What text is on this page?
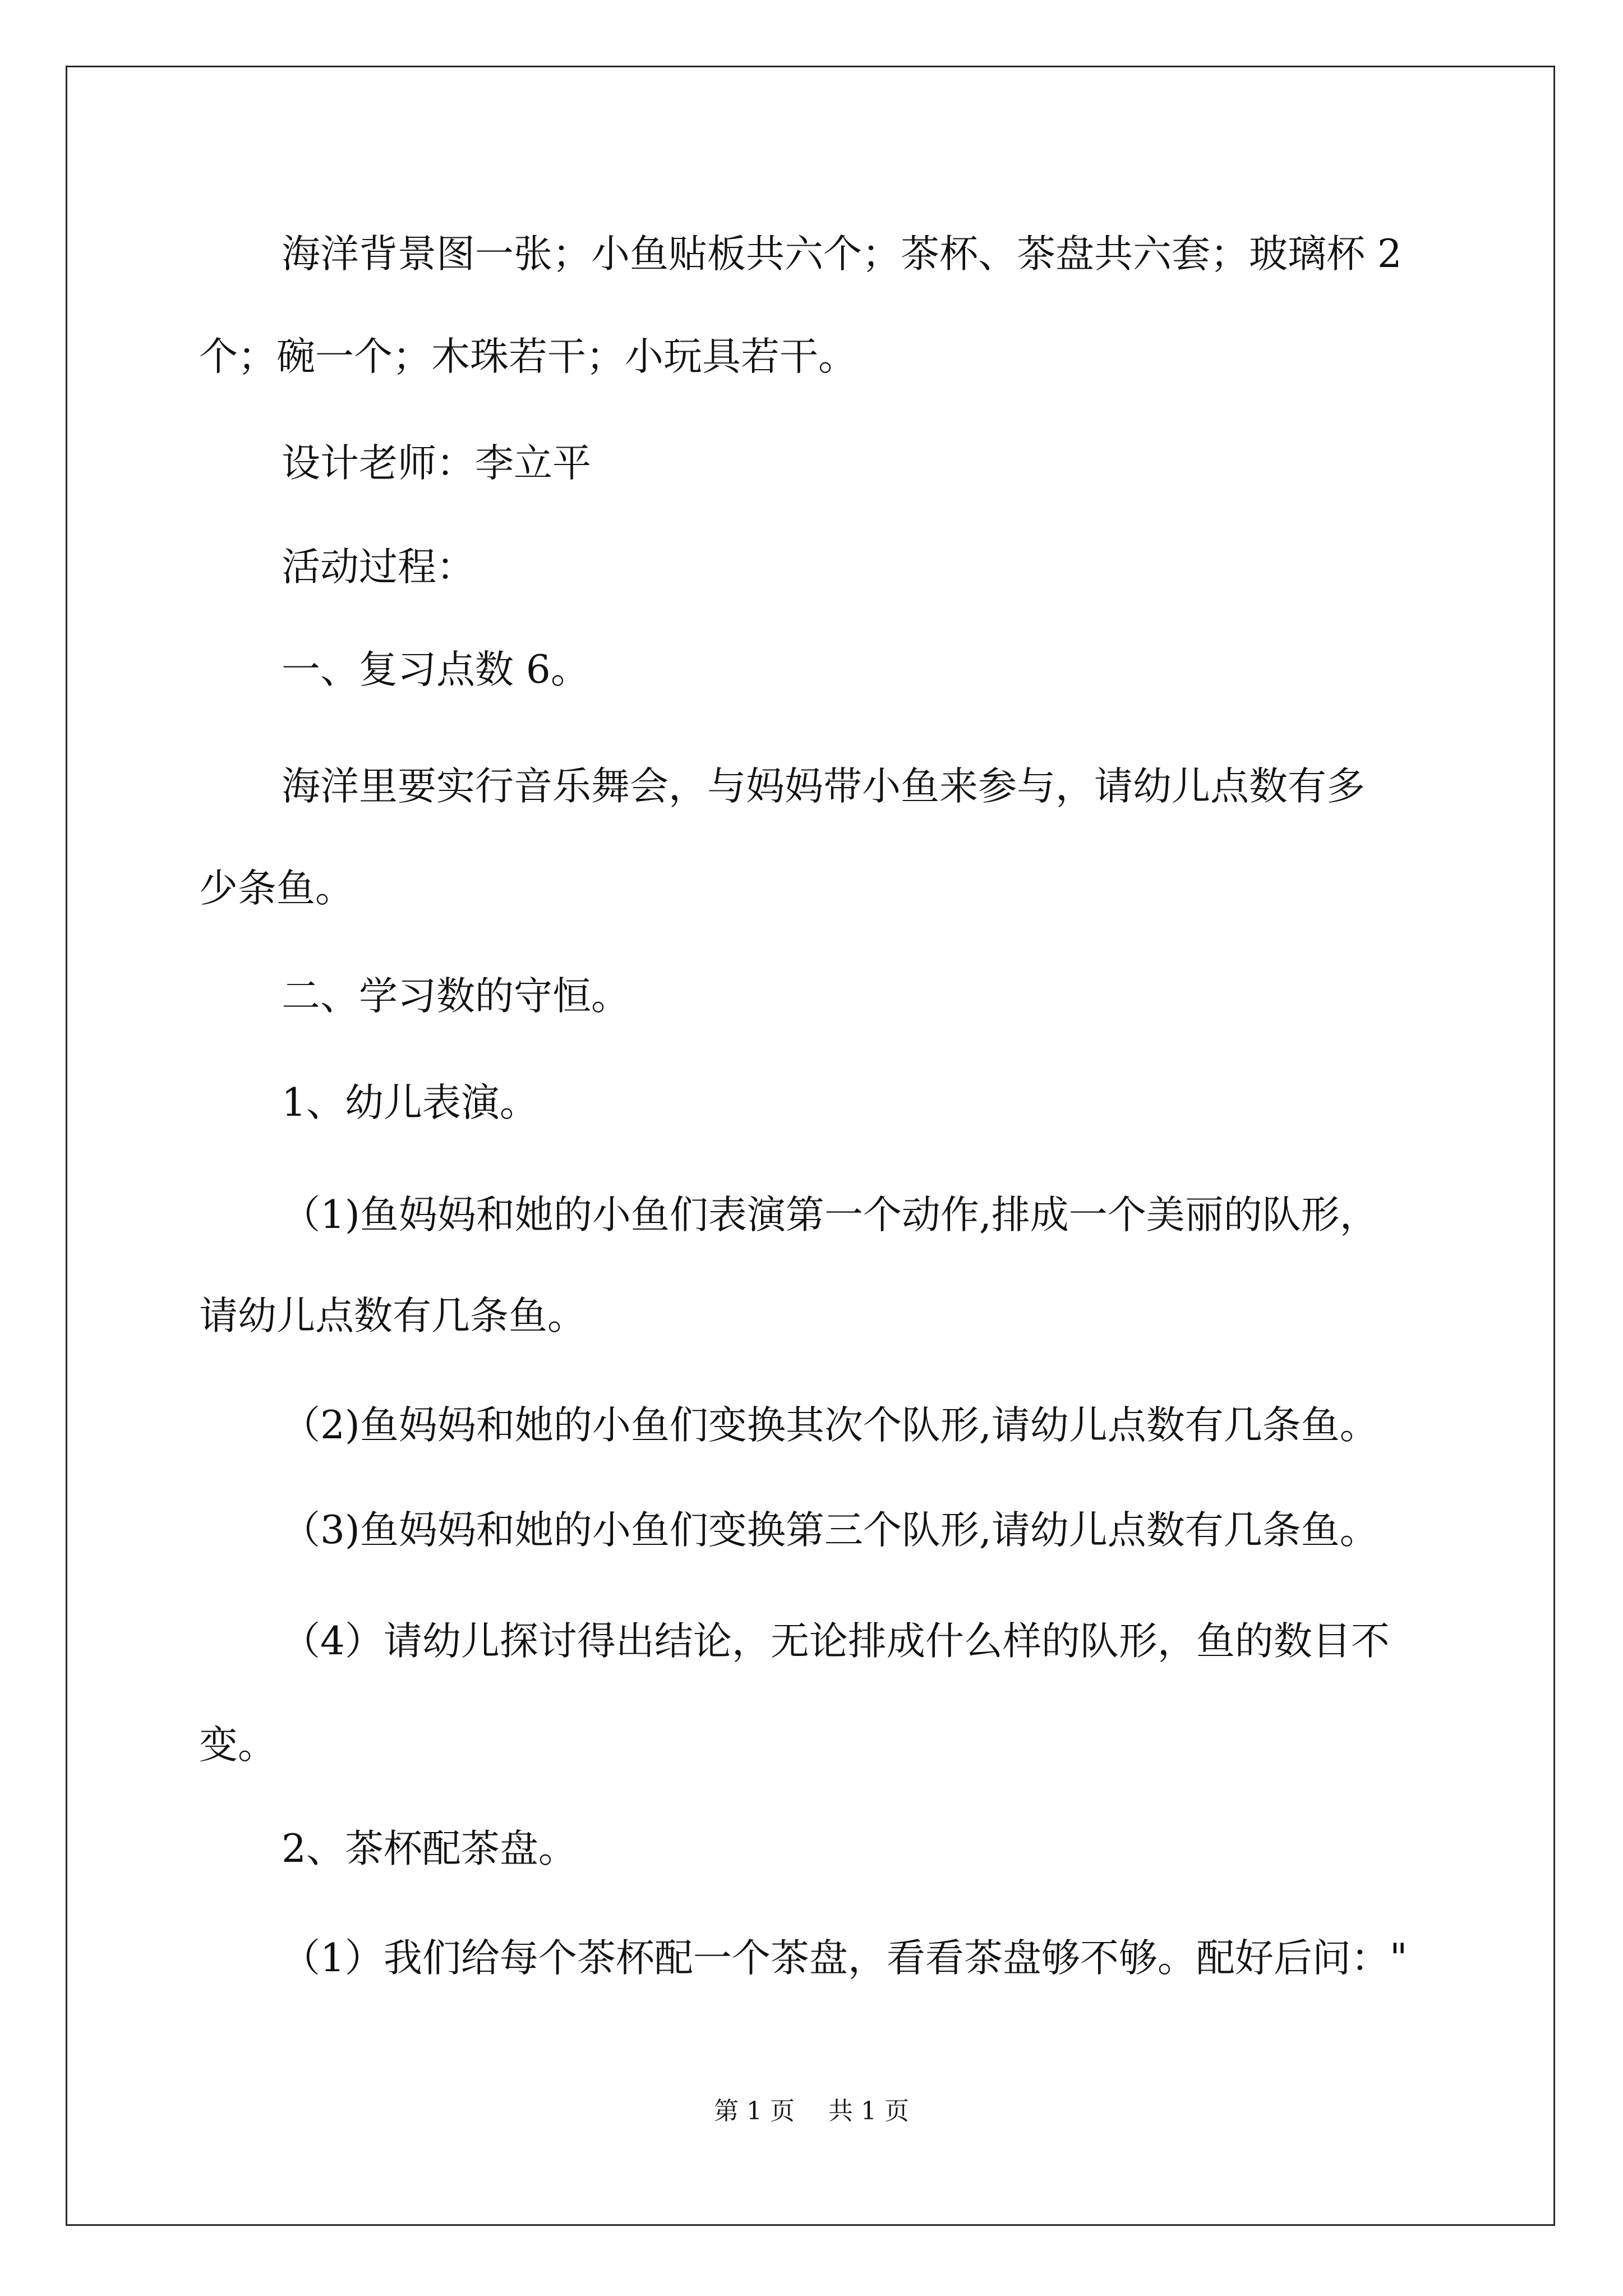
海洋背景图一张；小鱼贴板共六个；茶杯、茶盘共六套；玻璃杯 2
个；碗一个；木珠若干；小玩具若干。
设计老师：李立平
活动过程：
一、复习点数 6。
海洋里要实行音乐舞会，与妈妈带小鱼来参与，请幼儿点数有多
少条鱼。
二、学习数的守恒。
1、幼儿表演。
（1)鱼妈妈和她的小鱼们表演第一个动作,排成一个美丽的队形，
请幼儿点数有几条鱼。
（2)鱼妈妈和她的小鱼们变换其次个队形,请幼儿点数有几条鱼。
（3)鱼妈妈和她的小鱼们变换第三个队形,请幼儿点数有几条鱼。
（4）请幼儿探讨得出结论，无论排成什么样的队形，鱼的数目不
变。
2、茶杯配茶盘。
（1）我们给每个茶杯配一个茶盘，看看茶盘够不够。配好后问："
第 1 页 共 1 页
